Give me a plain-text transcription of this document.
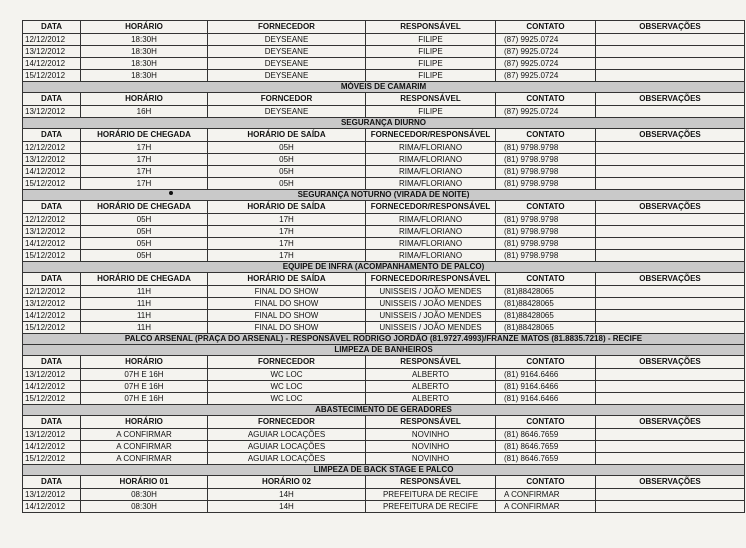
DATA	HORÁRIO	FORNECEDOR	RESPONSÁVEL	CONTATO	OBSERVAÇÕES
12/12/2012	18:30H	DEYSEANE	FILIPE	(87) 9925.0724	
13/12/2012	18:30H	DEYSEANE	FILIPE	(87) 9925.0724	
14/12/2012	18:30H	DEYSEANE	FILIPE	(87) 9925.0724	
15/12/2012	18:30H	DEYSEANE	FILIPE	(87) 9925.0724	
MÓVEIS DE CAMARIM					
DATA	HORÁRIO	FORNCEDOR	RESPONSÁVEL	CONTATO	OBSERVAÇÕES
13/12/2012	16H	DEYSEANE	FILIPE	(87) 9925.0724	
SEGURANÇA DIURNO					
DATA	HORÁRIO DE CHEGADA	HORÁRIO DE SAÍDA	FORNECEDOR/RESPONSÁVEL	CONTATO	OBSERVAÇÕES
12/12/2012	17H	05H	RIMA/FLORIANO	(81) 9798.9798	
13/12/2012	17H	05H	RIMA/FLORIANO	(81) 9798.9798	
14/12/2012	17H	05H	RIMA/FLORIANO	(81) 9798.9798	
15/12/2012	17H	05H	RIMA/FLORIANO	(81) 9798.9798	
SEGURANÇA NOTURNO (VIRADA DE NOITE)					
DATA	HORÁRIO DE CHEGADA	HORÁRIO DE SAÍDA	FORNECEDOR/RESPONSÁVEL	CONTATO	OBSERVAÇÕES
12/12/2012	05H	17H	RIMA/FLORIANO	(81) 9798.9798	
13/12/2012	05H	17H	RIMA/FLORIANO	(81) 9798.9798	
14/12/2012	05H	17H	RIMA/FLORIANO	(81) 9798.9798	
15/12/2012	05H	17H	RIMA/FLORIANO	(81) 9798.9798	
EQUIPE DE INFRA (ACOMPANHAMENTO DE PALCO)					
DATA	HORÁRIO DE CHEGADA	HORÁRIO DE SAÍDA	FORNECEDOR/RESPONSÁVEL	CONTATO	OBSERVAÇÕES
12/12/2012	11H	FINAL DO SHOW	UNISSEIS / JOÃO MENDES	(81)88428065	
13/12/2012	11H	FINAL DO SHOW	UNISSEIS / JOÃO MENDES	(81)88428065	
14/12/2012	11H	FINAL DO SHOW	UNISSEIS / JOÃO MENDES	(81)88428065	
15/12/2012	11H	FINAL DO SHOW	UNISSEIS / JOÃO MENDES	(81)88428065	
PALCO ARSENAL (PRAÇA DO ARSENAL) - RESPONSÁVEL RODRIGO JORDÃO (81.9727.4993)/FRANZE MATOS (81.8835.7218) - RECIFE					
LIMPEZA DE BANHEIROS					
DATA	HORÁRIO	FORNECEDOR	RESPONSÁVEL	CONTATO	OBSERVAÇÕES
13/12/2012	07H E 16H	WC LOC	ALBERTO	(81) 9164.6466	
14/12/2012	07H E 16H	WC LOC	ALBERTO	(81) 9164.6466	
15/12/2012	07H E 16H	WC LOC	ALBERTO	(81) 9164.6466	
ABASTECIMENTO DE GERADORES					
DATA	HORÁRIO	FORNECEDOR	RESPONSÁVEL	CONTATO	OBSERVAÇÕES
13/12/2012	A CONFIRMAR	AGUIAR LOCAÇÕES	NOVINHO	(81) 8646.7659	
14/12/2012	A CONFIRMAR	AGUIAR LOCAÇÕES	NOVINHO	(81) 8646.7659	
15/12/2012	A CONFIRMAR	AGUIAR LOCAÇÕES	NOVINHO	(81) 8646.7659	
LIMPEZA DE BACK STAGE E PALCO					
DATA	HORÁRIO 01	HORÁRIO 02	RESPONSÁVEL	CONTATO	OBSERVAÇÕES
13/12/2012	08:30H	14H	PREFEITURA DE RECIFE	A CONFIRMAR	
14/12/2012	08:30H	14H	PREFEITURA DE RECIFE	A CONFIRMAR	
